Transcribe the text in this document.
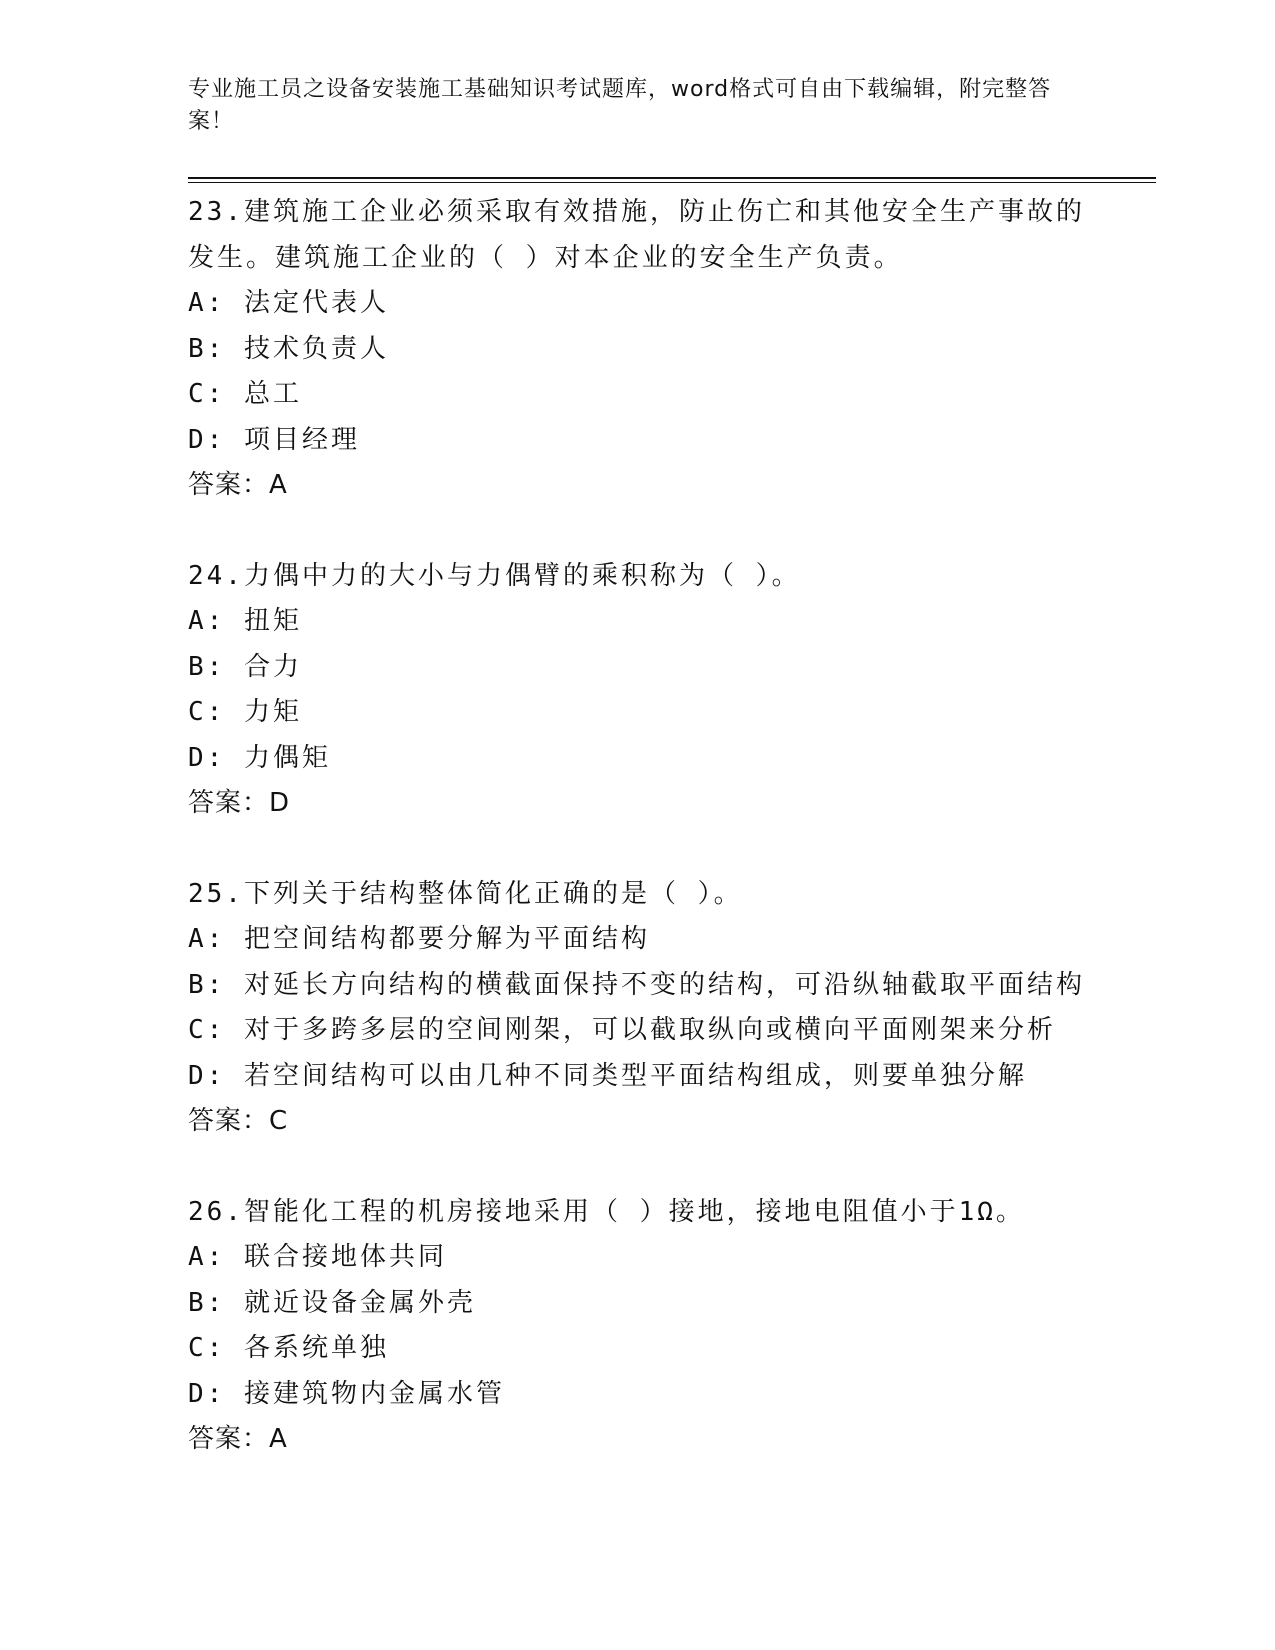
专业施工员之设备安装施工基础知识考试题库，word格式可自由下载编辑，附完整答案！
23.建筑施工企业必须采取有效措施，防止伤亡和其他安全生产事故的发生。建筑施工企业的（ ）对本企业的安全生产负责。
A: 法定代表人
B: 技术负责人
C: 总工
D: 项目经理
答案：A
24.力偶中力的大小与力偶臂的乘积称为（ ）。
A: 扭矩
B: 合力
C: 力矩
D: 力偶矩
答案：D
25.下列关于结构整体简化正确的是（ ）。
A: 把空间结构都要分解为平面结构
B: 对延长方向结构的横截面保持不变的结构，可沿纵轴截取平面结构
C: 对于多跨多层的空间刚架，可以截取纵向或横向平面刚架来分析
D: 若空间结构可以由几种不同类型平面结构组成，则要单独分解
答案：C
26.智能化工程的机房接地采用（ ）接地，接地电阻值小于1Ω。
A: 联合接地体共同
B: 就近设备金属外壳
C: 各系统单独
D: 接建筑物内金属水管
答案：A
